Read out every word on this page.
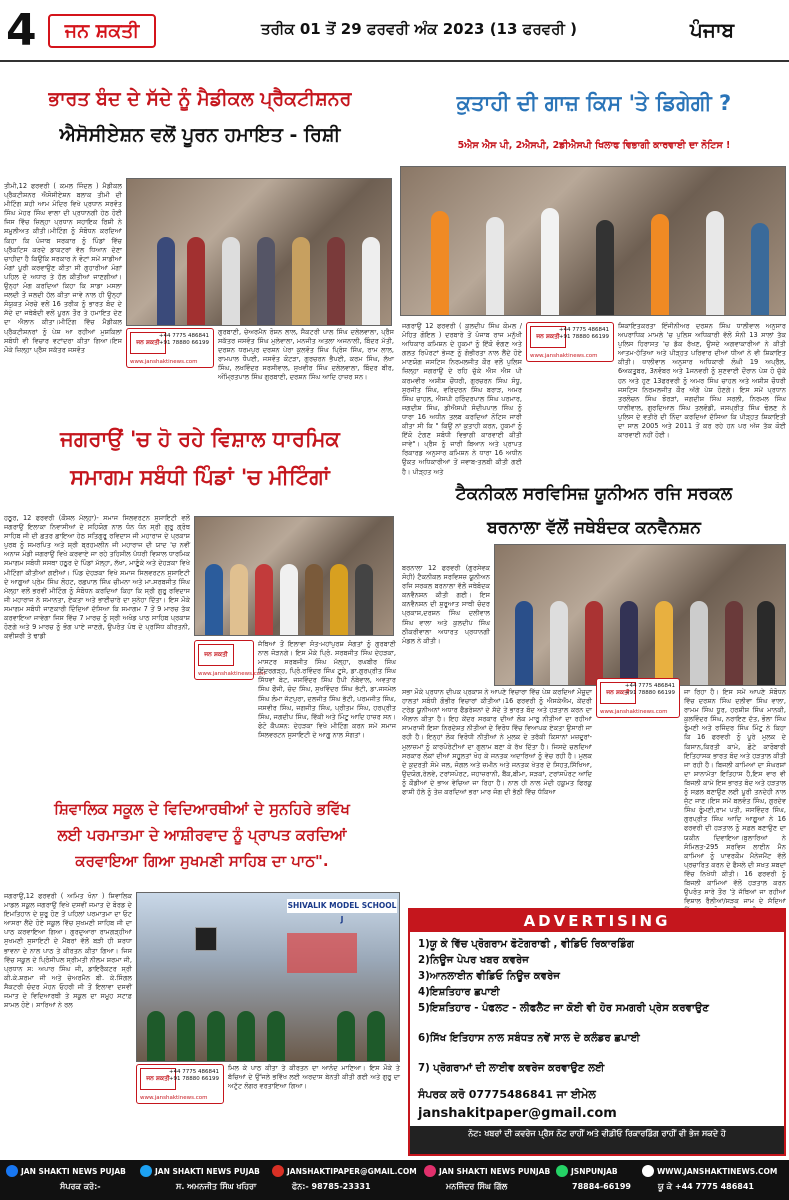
4	ਜਨ ਸ਼ਕਤੀ	ਤਰੀਕ 01 ਤੋਂ 29 ਫਰਵਰੀ ਅੰਕ 2023 (13 ਫਰਵਰੀ )	ਪੰਜਾਬ
ਭਾਰਤ ਬੰਦ ਦੇ ਸੱਦੇ ਨੂੰ ਮੈਡੀਕਲ ਪ੍ਰੈਕਟੀਸ਼ਨਰ
ਐਸੋਸੀਏਸ਼ਨ ਵਲੋਂ ਪੂਰਨ ਹਮਾਇਤ - ਰਿਸ਼ੀ
ਤੀਮੀ,12 ਫਰਵਰੀ ( ਕਮਲ ਜਿੰਦਲ ) ਮੈਡੀਕਲ ਪ੍ਰੈਕਟੀਸ਼ਨਰ ਐਸੋਸੀਏਸ਼ਨ ਬਲਾਕ ਤੀਮੀ ਦੀ ਮੀਟਿੰਗ ਸ਼ਹੀ ਆਮ ਮੰਦਿਰ ਵਿਖੇ ਪ੍ਰਧਾਨ ਸਰਵੰਤ ਸਿੰਘ ਮੇਹਰ ਸਿੰਘ ਵਾਲਾ ਦੀ ਪ੍ਰਧਾਨਗੀ ਹੇਠ ਹੋਈ ਜਿਸ ਵਿੱਚ ਜ਼ਿਲ੍ਹਾ ਪ੍ਰਧਾਨ ਸਹਾਇਕ ਰਿਸ਼ੀ ਨੇ ਸ਼ਮੂਲੀਅਤ ਕੀਤੀ।ਮੀਟਿੰਗ ਨੂੰ ਸੰਬੋਧਨ ਕਰਦਿਆਂ ਕਿਹਾ ਕਿ ਪੰਜਾਬ ਸਰਕਾਰ ਨੂੰ ਪਿੰਡਾਂ ਵਿੱਚ ਪ੍ਰੈਕਟਿਸ ਕਰਦੇ ਡਾਕਟਰਾਂ ਵੱਲ ਧਿਆਨ ਦੇਣਾ ਚਾਹੀਦਾ ਹੈ ਕਿਉਂਕਿ ਸਰਕਾਰ ਨੇ ਵੋਟਾਂ ਸਮੇਂ ਸਾਡੀਆਂ ਮੰਗਾਂ ਪੂਰੀ ਕਰਵਾਉਣ ਕੀਤਾ ਸੀ ਗੁਹਾਰੀਆਂ ਮੰਗਾਂ ਪਹਿਲ ਦੇ ਅਧਾਰ ਤੇ ਹੱਲ ਕੀਤੀਆਂ ਜਾਣਗੀਆਂ।ਉਨ੍ਹਾਂ ਮੰਗ ਕਰਦਿਆਂ ਕਿਹਾ ਕਿ ਸਾਡਾ ਮਸਲਾ ਜਲਦੀ ਤੋਂ ਜਲਦੀ ਹੱਲ ਕੀਤਾ ਜਾਵੇ ਨਾਲ ਹੀ ਉਨ੍ਹਾਂ ਸੰਯੁਕਤ ਮੋਰਚੇ ਵਲੋਂ 16 ਤਰੀਕ ਨੂੰ ਭਾਰਤ ਬੰਦ ਦੇ ਸੱਦੇ ਦਾ ਜਥੇਬੰਦੀ ਵਲੋਂ ਪੂਰਨ ਤੌਰ ਤੇ ਹਮਾਇਤ ਦੇਣ ਦਾ ਐਲਾਨ ਕੀਤਾ।ਮੀਟਿੰਗ ਵਿੱਚ ਮੈਡੀਕਲ ਪ੍ਰੈਕਟੀਸ਼ਨਰਾਂ ਨੂੰ ਪੇਸ਼ ਆ ਰਹੀਆਂ ਮੁਸ਼ਕਿਲਾਂ ਸਬੰਧੀ ਵੀ ਵਿਚਾਰ ਵਟਾਂਦਰਾ ਕੀਤਾ ਗਿਆ।ਇਸ ਮੌਕੇ ਜ਼ਿਲ੍ਹਾ ਪ੍ਰੈਸ ਸਕੱਤਰ ਜਸਵੰਤ
ਜਨ ਸ਼ਕਤੀ
+44 7775 486841
+91 78880 66199
www.janshaktinews.com
ਗੁਰਬਾਣੀ, ਚੇਅਰਮੈਨ ਰੋਸ਼ਨ ਲਾਲ, ਸੈਕਟਰੀ ਪਾਲ ਸਿੰਘ ਦਲੇਲਵਾਲਾ, ਪ੍ਰੈਸ ਸਕੱਤਰ ਜਸਵੰਤ ਸਿੰਘ ਮੁਲੇਵਾਲਾ, ਮਨਜੀਤ ਅਤਲਾ ਅਜਨਾਲੀ, ਬਿੰਦਰ ਮੱਤੀ, ਦਰਸ਼ਨ ਧਰਮਪੁਰ ਦਰਸ਼ਨ ਪੇਰਾ ਕੁਲਵੰਤ ਸਿੰਘ ਪ੍ਰਿੰਸ ਸਿੰਘ, ਰਾਮ ਲਾਲ, ਰਾਮਪਾਲ ਧੌਪਈ, ਜਸਵੰਤ ਕੋਟੜਾ, ਗੁਰਚਰਨ ਭੈਪਈ, ਕਰਮ ਸਿੰਘ, ਲੱਖਾ ਸਿੰਘ, ਲਖਵਿੰਦਰ ਸਰਸੀਵਾਲ, ਸੁਖਵੀਰ ਸਿੰਘ ਦਲੇਲਵਾਲਾ, ਬਿੰਦਰ ਬੀਰ, ਅੰਮ੍ਰਿਤਪਾਲ ਸਿੰਘ ਗੁਰਬਾਣੀ, ਦਰਸ਼ਨ ਸਿੰਘ ਆਦਿ ਹਾਜ਼ਰ ਸਨ।
ਕੁਤਾਹੀ ਦੀ ਗਾਜ਼ ਕਿਸ 'ਤੇ ਡਿਗੇਗੀ ?
5ਐਸ ਐਸ ਪੀ, 2ਐਸਪੀ, 2ਡੀਐਸਪੀ ਖਿਲਾਫ ਵਿਭਾਗੀ ਕਾਰਵਾਈ ਦਾ ਨੋਟਿਸ !
ਜਗਰਾਉਂ 12 ਫਰਵਰੀ ( ਕੁਲਦੀਪ ਸਿੰਘ ਕੋਮਲ /ਮੋਹਿਤ ਗੋਇਲ ) ਦਰਬਾਰੇ ਤੋਂ ਪੰਜਾਬ ਰਾਜ ਮਨੁੱਖੀ ਅਧਿਕਾਰ ਕਮਿਸ਼ਨ ਦੇ ਹੁਕਮਾਂ ਨੂੰ ਇੱਕੋ ਵੰਗਣ ਅਤੇ ਗਲਤ ਰਿਪੋਰਟਾਂ ਭੇਜਣ ਨੂੰ ਗੰਭੀਰਤਾ ਨਾਲ ਲੈਂਦੇ ਹੋਏ ਮਾਣਯੋਗ ਜਸਟਿਸ ਨਿਰਮਲਜੀਤ ਕੌਰ ਵਲੋਂ ਪੁਲਿਸ ਜ਼ਿਲ੍ਹਾ ਜਗਰਾਉਂ ਦੇ ਰਹਿ ਚੁੱਕੇ ਐਸ ਐਸ ਪੀ ਕਰਮਵੀਰ ਅਸ਼ੀਸ਼ ਚੌਧਰੀ, ਗੁਰਚਰਨ ਸਿੰਘ ਸੰਧੂ, ਸੁਰਜੀਤ ਸਿੰਘ, ਵਰਿਦਰਨ ਸਿੰਘ ਬਰਾੜ, ਅਮਰ ਸਿੰਘ ਚਾਹਲ, ਐਸਪੀ ਹਰਿੰਦਰਪਾਲ ਸਿੰਘ ਪਰਮਾਰ, ਜਗਦੀਸ਼ ਸਿੰਘ, ਡੀਐਸਪੀ ਸੰਦੀਪਪਾਲ ਸਿੰਘ ਨੂੰ ਧਾਰਾ 16 ਅਧੀਨ ਤਲਬ ਕਰਦਿਆਂ ਨੋਟਿਸ ਜਾਰੀ ਕੀਤਾ ਸੀ ਕਿ " ਕਿਉਂ ਨਾਂ ਕੁਤਾਹੀ ਕਰਨ, ਹੁਕਮਾਂ ਨੂੰ ਇੱਕੋ ਟੰਗਣ ਸਬੰਧੀ ਵਿਭਾਗੀ ਕਾਰਵਾਈ ਕੀਤੀ ਜਾਵੇ"। ਪ੍ਰੈਸ ਨੂੰ ਜਾਰੀ ਬਿਆਨ ਅਤੇ ਪ੍ਰਾਪਤ ਰਿਕਾਰਡ ਅਨੁਸਾਰ ਕਮਿਸ਼ਨ ਨੇ ਧਾਰਾ 16 ਅਧੀਨ ਉਕਤ ਅਧਿਕਾਰੀਆਂ ਤੋਂ ਜਵਾਬ-ਤਲਬੀ ਕੀਤੀ ਗਈ ਹੈ। ਪੀੜ੍ਹਤ ਅਤੇ
ਜਨ ਸ਼ਕਤੀ
+44 7775 486841
+91 78880 66199
www.janshaktinews.com
ਸ਼ਿਕਾਇਤਕਰਤਾ ਇੰਜੀਨੀਅਰ ਦਰਸ਼ਨ ਸਿੰਘ ਧਾਲੀਵਾਲ ਅਨੁਸਾਰ ਅਪਰਾਧਿਕ ਮਾਮਲੇ 'ਚ ਪੁਲਿਸ ਅਧਿਕਾਰੀ ਵੱਲੋਂ ਸੰਨੀ 13 ਸਾਲਾਂ ਤੱਕ ਪੁਲਿਸ ਹਿਰਾਸਤ 'ਚ ਡੱਕ ਰੱਖਣ, ਉਸਦੇ ਅਗਵਾਕਾਰੀਆਂ ਨੇ ਕੀਤੀ ਆਤਮ-ਹੱਤਿਆ ਅਤੇ ਪੀੜ੍ਹਤ ਪਰਿਵਾਰ ਦੀਆਂ ਧੀਆਂ ਨੇ ਵੀ ਸ਼ਿਕਾਇਤ ਕੀਤੀ। ਧਾਲੀਵਾਲ ਅਨੁਸਾਰ ਅਧਿਕਾਰੀ ਲੰਘੀ 19 ਅਪ੍ਰੈਲ, 6ਅਕਤੂਬਰ, 3ਨਵੰਬਰ ਅਤੇ 1ਜਨਵਰੀ ਨੂੰ ਸੁਣਵਾਈ ਦੌਰਾਨ ਪੇਸ਼ ਹੋ ਚੁੱਕੇ ਹਨ ਅਤੇ ਹੁਣ 13ਫਰਵਰੀ ਨੂੰ ਅਮਰ ਸਿੰਘ ਚਾਹਲ ਅਤੇ ਅਸ਼ੀਸ਼ ਚੌਧਰੀ ਜਸਟਿਸ ਨਿਰਮਲਜੀਤ ਕੌਰ ਅੱਗੇ ਪੇਸ਼ ਹੋਣਗੇ। ਇਸ ਸਮੇਂ ਪ੍ਰਧਾਨ ਤਰਲੋਚਨ ਸਿੰਘ ਝੋਰੜਾਂ, ਜਗਦੀਸ਼ ਸਿੰਘ ਸਰਲੀ, ਨਿਰਮਲ ਸਿੰਘ ਧਾਲੀਵਾਲ, ਗੁਰਦਿਆਲ ਸਿੰਘ ਤਲਵੰਡੀ, ਜਸਪ੍ਰੀਤ ਸਿੰਘ ਢੋਲਣ ਨੇ ਪੁਲਿਸ ਦੇ ਵਤੀਰੇ ਦੀ ਨਿੰਦਾ ਕਰਦਿਆਂ ਦੱਸਿਆ ਕਿ ਪੀੜ੍ਹਤ ਸ਼ਿਕਾਇਤੀ ਦਾ ਸਾਲ 2005 ਅਤੇ 2011 ਤੋਂ ਕਰ ਰਹੇ ਹਨ ਪਰ ਅੱਜ ਤੱਕ ਕੋਈ ਕਾਰਵਾਈ ਨਹੀਂ ਹੋਈ।
ਜਗਰਾਉਂ 'ਚ ਹੋ ਰਹੇ ਵਿਸ਼ਾਲ ਧਾਰਮਿਕ
ਸਮਾਗਮ ਸਬੰਧੀ ਪਿੰਡਾਂ 'ਚ ਮੀਟਿੰਗਾਂ
ਹਠੂਰ, 12 ਫਰਵਰੀ (ਕੌਸ਼ਲ ਮੱਲ੍ਹਾ)- ਸਮਾਜ ਸਿਲਵਰਟਨ ਸੁਸਾਇਟੀ ਵਲੋਂ ਜਗਰਾਉਂ ਇਲਾਕਾ ਨਿਵਾਸੀਆਂ ਦੇ ਸਹਿਯੋਗ ਨਾਲ ਧੰਨ ਧੰਨ ਸ੍ਰੀ ਗੁਰੂ ਗ੍ਰੰਥ ਸਾਹਿਬ ਜੀ ਦੀ ਛਤਰ ਛਾਇਆ ਹੇਠ ਸਤਿਗੁਰੂ ਰਵਿਦਾਸ ਜੀ ਮਹਾਰਾਜ ਦੇ ਪ੍ਰਕਾਸ਼ ਪੁਰਬ ਨੂੰ ਸਮਰਪਿਤ ਅਤੇ ਸ਼੍ਰੀ ਬ੍ਰਹਮਲੀਨ ਜੀ ਮਹਾਰਾਜ ਦੀ ਯਾਦ 'ਚ ਨਵੀਂ ਅਨਾਜ ਮੰਡੀ ਜਗਰਾਉਂ ਵਿਖੇ ਕਰਵਾਏ ਜਾ ਰਹੇ ਤਹਿਸੀਲ ਪੱਧਰੀ ਵਿਸ਼ਾਲ ਧਾਰਮਿਕ ਸਮਾਗਮ ਸਬੰਧੀ ਸਸਥਾ ਹਠੂਰ ਦੇ ਪਿੰਡਾਂ ਮੱਲ੍ਹਾ, ਲੱਖਾ, ਮਾਣੂੰਕੇ ਅਤੇ ਦੇਹੜਕਾ ਵਿਖੇ ਮੀਟਿੰਗਾਂ ਕੀਤੀਆਂ ਗਈਆਂ। ਪਿੰਡ ਦੇਹੜਕਾ ਵਿਖੇ ਸਮਾਜ ਸਿਲਵਰਟਨ ਸੁਸਾਇਟੀ ਦੇ ਆਗੂਆਂ ਪ੍ਰੇਮ ਸਿੰਘ ਲੋਹਟ, ਰਛਪਾਲ ਸਿੰਘ ਚੀਮਨਾ ਅਤੇ ਮਾ.ਸਰਬਜੀਤ ਸਿੰਘ ਮੱਲ੍ਹਾ ਵਲੋਂ ਭਰਵੀਂ ਮੀਟਿੰਗ ਨੂੰ ਸੰਬੋਧਨ ਕਰਦਿਆਂ ਕਿਹਾ ਕਿ ਸ੍ਰੀ ਗੁਰੂ ਰਵਿਦਾਸ ਜੀ ਮਹਾਰਾਜ ਨੇ ਸਮਾਨਤਾ, ਏਕਤਾ ਅਤੇ ਭਾਈਚਾਰੇ ਦਾ ਸੁਨੇਹਾ ਦਿੱਤਾ। ਇਸ ਮੌਕੇ ਸਮਾਗਮ ਸਬੰਧੀ ਜਾਣਕਾਰੀ ਦਿੰਦਿਆਂ ਦੱਸਿਆ ਕਿ ਸਮਾਗਮ 7 ਤੋਂ 9 ਮਾਰਚ ਤੱਕ ਕਰਵਾਇਆ ਜਾਵੇਗਾ ਜਿਸ ਵਿੱਚ 7 ਮਾਰਚ ਨੂੰ ਸ੍ਰੀ ਅਖੰਡ ਪਾਠ ਸਾਹਿਬ ਪ੍ਰਕਾਸ਼ ਹੋਣਗੇ ਅਤੇ 9 ਮਾਰਚ ਨੂੰ ਭੋਗ ਪਾਏ ਜਾਣਗੇ, ਉਪਰੰਤ ਪੰਥ ਦੇ ਪ੍ਰਸਿੱਧ ਕੀਰਤਨੀ, ਕਵੀਸ਼ਰੀ ਤੇ ਢਾਡੀ
ਜਨ ਸ਼ਕਤੀ
www.janshaktinews.com
ਜੱਥਿਆਂ ਤੋਂ ਇਲਾਵਾ ਸੰਤ-ਮਹਾਂਪੁਰਸ਼ ਸੰਗਤਾਂ ਨੂੰ ਗੁਰਬਾਣੀ ਨਾਲ ਜੋੜਨਗੇ। ਇਸ ਮੌਕੇ ਪ੍ਰਿੰ. ਸਰਬਜੀਤ ਸਿੰਘ ਦੇਹੜਕਾ, ਮਾਸਟਰ ਸਰਬਜੀਤ ਸਿੰਘ ਮੱਲ੍ਹਾ, ਰਘਬੀਰ ਸਿੰਘ ਇੰਦਰਗੜ੍ਹ, ਪ੍ਰਿੰ.ਰਵਿੰਦਰ ਸਿੰਘ ਟੂਸੇ, ਡਾ.ਗੁਰਪ੍ਰੀਤ ਸਿੰਘ ਸਿੱਧਵਾਂ ਬੇਟ, ਜਸਵਿੰਦਰ ਸਿੰਘ ਹੈਪੀ ਨੰਬੇਵਾਲ, ਅਵਤਾਰ ਸਿੰਘ ਫੌਜੀ, ਚੰਦ ਸਿੰਘ, ਸੁਖਵਿੰਦਰ ਸਿੰਘ ਭੱਟੀ, ਡਾ.ਜਸਮੇਲ ਸਿੰਘ ਲੰਮਾ ਜੱਟਪੁਰਾ, ਦਲਜੀਤ ਸਿੰਘ ਭੱਟੀ, ਪਰਮਜੀਤ ਸਿੰਘ, ਜਸਵੀਰ ਸਿੰਘ, ਜਗਜੀਤ ਸਿੰਘ, ਪ੍ਰੀਤਮ ਸਿੰਘ, ਹਰਪ੍ਰੀਤ ਸਿੰਘ, ਜਗਦੀਪ ਸਿੰਘ, ਵਿੱਕੀ ਅਤੇ ਮਿੰਟੂ ਆਦਿ ਹਾਜ਼ਰ ਸਨ। ਫੋਟੋ ਕੈਪਸ਼ਨ: ਦੇਹੜਕਾ ਵਿਖੇ ਮੀਟਿੰਗ ਕਰਨ ਸਮੇਂ ਸਮਾਜ ਸਿਲਵਰਟਨ ਸੁਸਾਇਟੀ ਦੇ ਆਗੂ ਨਾਲ ਸੰਗਤਾਂ।
ਟੈਕਨੀਕਲ ਸਰਵਿਸਿਜ਼ ਯੂਨੀਅਨ ਰਜਿ ਸਰਕਲ
ਬਰਨਾਲਾ ਵੱਲੋਂ ਜਥੇਬੰਦਕ ਕਨਵੈਨਸ਼ਨ
ਬਰਨਾਲਾ 12 ਫਰਵਰੀ (ਗੁਰਸੇਵਕ ਸੋਹੀ) ਟੈਕਨੀਕਲ ਸਰਵਿਸਜ਼ ਯੂਨੀਅਨ ਰਜਿ ਸਰਕਲ ਬਰਨਾਲਾ ਵੱਲੋਂ ਜਥੇਬੰਦਕ ਕਨਵੈਨਸ਼ਨ ਕੀਤੀ ਗਈ। ਇਸ ਕਨਵੈਨਸ਼ਨ ਦੀ ਸ਼ੁਰੂਆਤ ਸਾਥੀ ਚੰਦਰ ਪ੍ਰਕਾਸ਼,ਦਰਸ਼ਨ ਸਿੰਘ ਦਲੀਵਾਲ ਸਿੰਘ ਵਾਲਾ ਅਤੇ ਕੁਲਦੀਪ ਸਿੰਘ ਠੀਕਰੀਵਾਲਾ ਅਧਾਰਤ ਪ੍ਰਧਾਨਗੀ ਮੰਡਲ ਨੇ ਕੀਤੀ।
ਸਭਾ ਮੌਕੇ ਪ੍ਰਧਾਨ ਦੀਪਕ ਪ੍ਰਕਾਸ਼ ਨੇ ਆਪਣੇ ਵਿਚਾਰਾ ਵਿੱਚ ਪੇਸ਼ ਕਰਦਿਆਂ ਮੌਜੂਦਾ ਹਾਲਤਾਂ ਸਬੰਧੀ ਗੰਭੀਰ ਵਿਚਾਰਾਂ ਕੀਤੀਆਂ।16 ਫਰਵਰੀ ਨੂੰ ਐਸਕੇਐਮ, ਕੇਂਦਰੀ ਟਰੇਡ ਯੂਨੀਅਨਾਂ ਅਧਾਰ ਫੈਡਰੇਸ਼ਨਾਂ ਦੇ ਸੱਦੇ ਤੇ ਭਾਰਤ ਬੰਦ ਅਤੇ ਹੜਤਾਲ ਕਰਨ ਦਾ ਐਲਾਨ ਕੀਤਾ ਹੈ। ਇਹ ਕੇਂਦਰ ਸਰਕਾਰ ਦੀਆਂ ਲੋਕ ਮਾਰੂ ਨੀਤੀਆਂ ਦਾ ਰਹੀਆਂ ਸਾਮਰਾਜੀ ਇਸ਼ਾ ਨਿਰਦੇਸ਼ਤ ਨੀਤੀਆਂ ਦੇ ਵਿਰੋਧ ਵਿੱਚ ਵਿਆਪਕ ਏਕਤਾ ਉਸਾਰੀ ਜਾ ਰਹੀ ਹੈ। ਇਨ੍ਹਾਂ ਲੋਕ ਵਿਰੋਧੀ ਨੀਤੀਆਂ ਨੇ ਮੁਲਕ ਦੇ ਤਰੱਕੀ ਕਿਸਾਨਾਂ ਮਜ਼ਦੂਰਾਂ-ਮੁਲਾਜ਼ਮਾਂ ਨੂੰ ਕਾਰਪੋਰੇਟੀਆਂ ਦਾ ਗੁਲਾਮ ਬਣਾ ਕੇ ਰੱਖ ਦਿੱਤਾ ਹੈ। ਜਿਸਦੇ ਚਲਦਿਆਂ ਸਰਕਾਰ ਲੋਕਾਂ ਦੀਆਂ ਸਹੂਲਤਾਂ ਖੋਹ ਕੇ ਜਨਤਕ ਅਦਾਰਿਆਂ ਨੂੰ ਵੇਚ ਰਹੀ ਹੈ। ਮੁਲਕ ਦੇ ਕੁਦਰਤੀ ਸੋਮੇ ਜਲ, ਜੰਗਲ ਅਤੇ ਜ਼ਮੀਨ ਅਤੇ ਜਨਤਕ ਖੇਤਰ ਦੇ ਸਿਹਤ,ਸਿੱਖਿਆ, ਉਦਯੋਗ,ਰੇਲਵੇ, ਟਰਾਂਸਪੋਰਟ, ਜਹਾਜ਼ਰਾਨੀ, ਬੈਂਕ,ਬੀਮਾ, ਸੜਕਾਂ, ਟਰਾਂਸਪੋਰਟ ਆਦਿ ਨੂੰ ਕੌਡੀਆਂ ਦੇ ਭਾਅ ਵੇਚਿਆ ਜਾ ਰਿਹਾ ਹੈ। ਨਾਲ ਹੀ ਨਾਲ ਮੋਦੀ ਹਕੂਮਤ ਫਿਰਕੂ ਫਾਸ਼ੀ ਹੱਲੇ ਨੂੰ ਤੇਜ਼ ਕਰਦਿਆਂ ਭਰਾ ਮਾਰ ਜੰਗ ਦੀ ਭੱਠੀ ਵਿੱਚ ਧੱਕਿਆ
ਜਨ ਸ਼ਕਤੀ
+44 7775 486841
+91 78880 66199
www.janshaktinews.com
ਜਾ ਰਿਹਾ ਹੈ। ਇਸ ਸਮੇਂ ਆਪਣੇ ਸੰਬੋਧਨ ਵਿੱਚ ਦਰਸ਼ਨ ਸਿੰਘ ਦਲੀਵਾ ਸਿੰਘ ਵਾਲਾ, ਰਾਮਮ ਸਿੰਘ ਧੂਰ, ਹਰਸ਼ੀਸ਼ ਸਿੰਘ ਮਾਨਕੀ, ਕੁਲਵਿੰਦਰ ਸਿੰਘ, ਨਰਾਇਣ ਦੱਤ, ਭੋਲਾ ਸਿੰਘ ਰੂੰਮਣੀ ਅਤੇ ਰਜਿੰਦਰ ਸਿੰਘ ਮਿੰਟੂ ਨੇ ਕਿਹਾ ਕਿ 16 ਫਰਵਰੀ ਨੂੰ ਪੂਰੇ ਮੁਲਕ ਦੇ ਕਿਸਾਨ,ਕਿਰਤੀ ਕਾਮੇ, ਛੋਟੇ ਕਾਰੋਬਾਰੀ ਇਤਿਹਾਸਕ ਭਾਰਤ ਬੰਦ ਅਤੇ ਹੜਤਾਲ ਕੀਤੀ ਜਾ ਰਹੀ ਹੈ। ਬਿਜਲੀ ਕਾਮਿਆਂ ਦਾ ਸੰਘਰਸ਼ਾਂ ਦਾ ਸ਼ਾਨਾਮੱਤਾ ਇਤਿਹਾਸ ਹੈ,ਇਸ ਵਾਰ ਵੀ ਬਿਜਲੀ ਕਾਮੇ ਇਸ ਭਾਰਤ ਬੰਦ ਅਤੇ ਹੜਤਾਲ ਨੂੰ ਸਫ਼ਲ ਬਣਾਉਣ ਲਈ ਪੂਰੀ ਤਨਦੇਹੀ ਨਾਲ ਜੁੱਟ ਜਾਣ।ਇਸ ਸਮੇਂ ਬਲਵੰਤ ਸਿੰਘ, ਗੁਰਦੇਵ ਸਿੰਘ ਰੂੰਮਣੀ,ਰਾਮ ਪਤੀ, ਜਸਵਿੰਦਰ ਸਿੰਘ, ਗੁਰਪ੍ਰੀਤ ਸਿੰਘ ਆਦਿ ਆਗੂਆਂ ਨੇ 16 ਫਰਵਰੀ ਦੀ ਹੜਤਾਲ ਨੂੰ ਸਫ਼ਲ ਬਣਾਉਣ ਦਾ ਯਕੀਨ ਦਿਵਾਇਆ।ਬੁਲਾਰਿਆਂ ਨੇ ਸੰਮਿਲਤ-295 ਸਰਵਿਸ ਲਾਈਨ ਮੈਨ ਕਾਮਿਆਂ ਨੂੰ ਪਾਵਰਕੌਮ ਮੈਨੇਜਮੈਂਟ ਵੱਲੋਂ ਪ੍ਰਚਾਰਿਤ ਕਰਨ ਦੇ ਫੈਸਲੇ ਦੀ ਸਖ਼ਤ ਸ਼ਬਦਾਂ ਵਿੱਚ ਨਿਖੇਧੀ ਕੀਤੀ। 16 ਫਰਵਰੀ ਨੂੰ ਬਿਜਲੀ ਕਾਮਿਆਂ ਵੱਲੋਂ ਹੜਤਾਲ ਕਰਨ ਉਪਰੰਤ ਸਾਰੇ ਤੌਰ 'ਤੇ ਜੱਥਿਆਂ ਜਾ ਰਹੀਆਂ ਵਿਸ਼ਾਲ ਰੈਲੀਆਂ/ਸੜਕ ਜਾਮ ਦੇ ਸੱਦਿਆਂ
ਸ਼ਿਵਾਲਿਕ ਸਕੂਲ ਦੇ ਵਿਦਿਆਰਥੀਆਂ ਦੇ ਸੁਨਹਿਰੇ ਭਵਿੱਖ
ਲਈ ਪਰਮਾਤਮਾ ਦੇ ਆਸ਼ੀਰਵਾਦ ਨੂੰ ਪ੍ਰਾਪਤ ਕਰਦਿਆਂ
ਕਰਵਾਇਆ ਗਿਆ ਸੁਖਮਣੀ ਸਾਹਿਬ ਦਾ ਪਾਠ".
ਜਗਰਾਉਂ,12 ਫਰਵਰੀ ( ਅਮਿਤ ਖੰਨਾ ) ਸ਼ਿਵਾਲਿਕ ਮਾਡਲ ਸਕੂਲ ਜਗਰਾਉਂ ਵਿਖੇ ਦਸਵੀਂ ਜਮਾਤ ਦੇ ਬੋਰਡ ਦੇ ਇਮਤਿਹਾਨ ਦੇ ਸ਼ੁਰੂ ਹੋਣ ਤੋਂ ਪਹਿਲਾਂ ਪਰਮਾਤਮਾ ਦਾ ਓਟ ਆਸਰਾ ਲੈਂਦੇ ਹੋਏ ਸਕੂਲ ਵਿੱਚ ਸੁਖਮਣੀ ਸਾਹਿਬ ਜੀ ਦਾ ਪਾਠ ਕਰਵਾਇਆ ਗਿਆ। ਗੁਰਦੁਆਰਾ ਰਾਮਗੜ੍ਹੀਆਂ ਸੁਖਮਣੀ ਸੁਸਾਇਟੀ ਦੇ ਮੈਂਬਰਾਂ ਵੱਲੋਂ ਬੜੀ ਹੀ ਸ਼ਰਧਾ ਭਾਵਨਾ ਦੇ ਨਾਲ ਪਾਠ ਤੇ ਕੀਰਤਨ ਕੀਤਾ ਗਿਆ। ਜਿਸ ਵਿੱਚ ਸਕੂਲ ਦੇ ਪ੍ਰਿੰਸੀਪਲ ਸ੍ਰੀਮਤੀ ਨੀਲਮ ਸ਼ਰਮਾ ਜੀ, ਪ੍ਰਧਾਨ ਸ: ਅਪਾਰ ਸਿੰਘ ਜੀ, ਡਾਇਰੈਕਟਰ ਸ੍ਰੀ ਕੀ.ਕੇ.ਸ਼ਰਮਾ ਜੀ ਅਤੇ ਚੇਅਰਮੈਨ ਬੀ. ਕੇ.ਸਿੰਗਲ ਸੈਕਟਰੀ ਚੰਦਰ ਮੋਹਨ ਓਹਰੀ ਜੀ ਤੋਂ ਇਲਾਵਾ ਦਸਵੀਂ ਜਮਾਤ ਦੇ ਵਿਦਿਆਰਥੀ ਤੇ ਸਕੂਲ ਦਾ ਸਮੂਹ ਸਟਾਫ਼ ਸ਼ਾਮਲ ਹੋਏ। ਸਾਰਿਆਂ ਨੇ ਰਲ
SHIVALIK MODEL SCHOOL J
ਜਨ ਸ਼ਕਤੀ
+44 7775 486841
+91 78880 66199
www.janshaktinews.com
ਮਿਲ ਕੇ ਪਾਠ ਕੀਤਾ ਤੇ ਕੀਰਤਨ ਦਾ ਆਨੰਦ ਮਾਣਿਆ। ਇਸ ਮੌਕੇ ਤੇ ਬੱਚਿਆਂ ਦੇ ਉੱਜਲੇ ਭਵਿੱਖ ਲਈ ਅਰਦਾਸ ਬੇਨਤੀ ਕੀਤੀ ਗਈ ਅਤੇ ਗੁਰੂ ਦਾ ਅਟੁੱਟ ਲੰਗਰ ਵਰਤਾਇਆ ਗਿਆ।
ADVERTISING
1)ਯੂ ਕੇ ਵਿੱਚ ਪ੍ਰੋਗਰਾਮ ਫੋਟੋਗਰਾਫੀ , ਵੀਡਿਓ ਰਿਕਾਰਡਿੰਗ
2)ਨਿਊਜ ਪੇਪਰ ਖਬਰ ਕਵਰੇਜ
3)ਆਨਲਾਈਨ ਵੀਡਿਓ ਨਿਊਜ਼ ਕਵਰੇਜ
4)ਇਸ਼ਤਿਹਾਰ ਛਪਾਈ
5)ਇਸ਼ਤਿਹਾਰ - ਪੰਫਲਟ - ਲੀਫਲੈਟ ਜਾ ਕੋਈ ਵੀ ਹੋਰ ਸਮਗਰੀ ਪ੍ਰੇਸ ਕਰਵਾਉਣ
6)ਸਿੱਖ ਇਤਿਹਾਸ ਨਾਲ ਸਬੰਧਤ ਨਵੇਂ ਸਾਲ ਦੇ ਕਲੰਡਰ ਛਪਾਈ
7) ਪ੍ਰੋਗਰਾਮਾਂ ਦੀ ਲਾਈਵ ਕਵਰੇਜ ਕਰਵਾਉਣ ਲਈ
ਸੰਪਰਕ ਕਰੋ 07775486841 ਜਾ ਈਮੇਲ
janshakitpaper@gmail.com
ਨੋਟ: ਖਬਰਾਂ ਦੀ ਕਵਰੇਜ ਪ੍ਰੈਸ ਨੋਟ ਰਾਹੀਂ ਅਤੇ ਵੀਡੀਓ ਰਿਕਾਰਡਿੰਗ ਰਾਹੀਂ ਵੀ ਭੇਜ ਸਕਦੇ ਹੋ
JAN SHAKTI NEWS PUJAB	JAN SHAKTI NEWS PUJAB	JANSHAKTIPAPER@GMAIL.COM	JAN SHAKTI NEWS PUNJAB	JSNPUNJAB	WWW.JANSHAKTINEWS.COM
ਸੰਪਰਕ ਕਰੋ:-	ਸ. ਅਮਨਜੀਤ ਸਿੰਘ ਖਹਿਰਾ	ਫੋਨ:- 98785-23331	ਮਨਜਿੰਦਰ ਸਿੰਘ ਗਿੱਲ	78884-66199	ਯੂ ਕੇ +44 7775 486841
